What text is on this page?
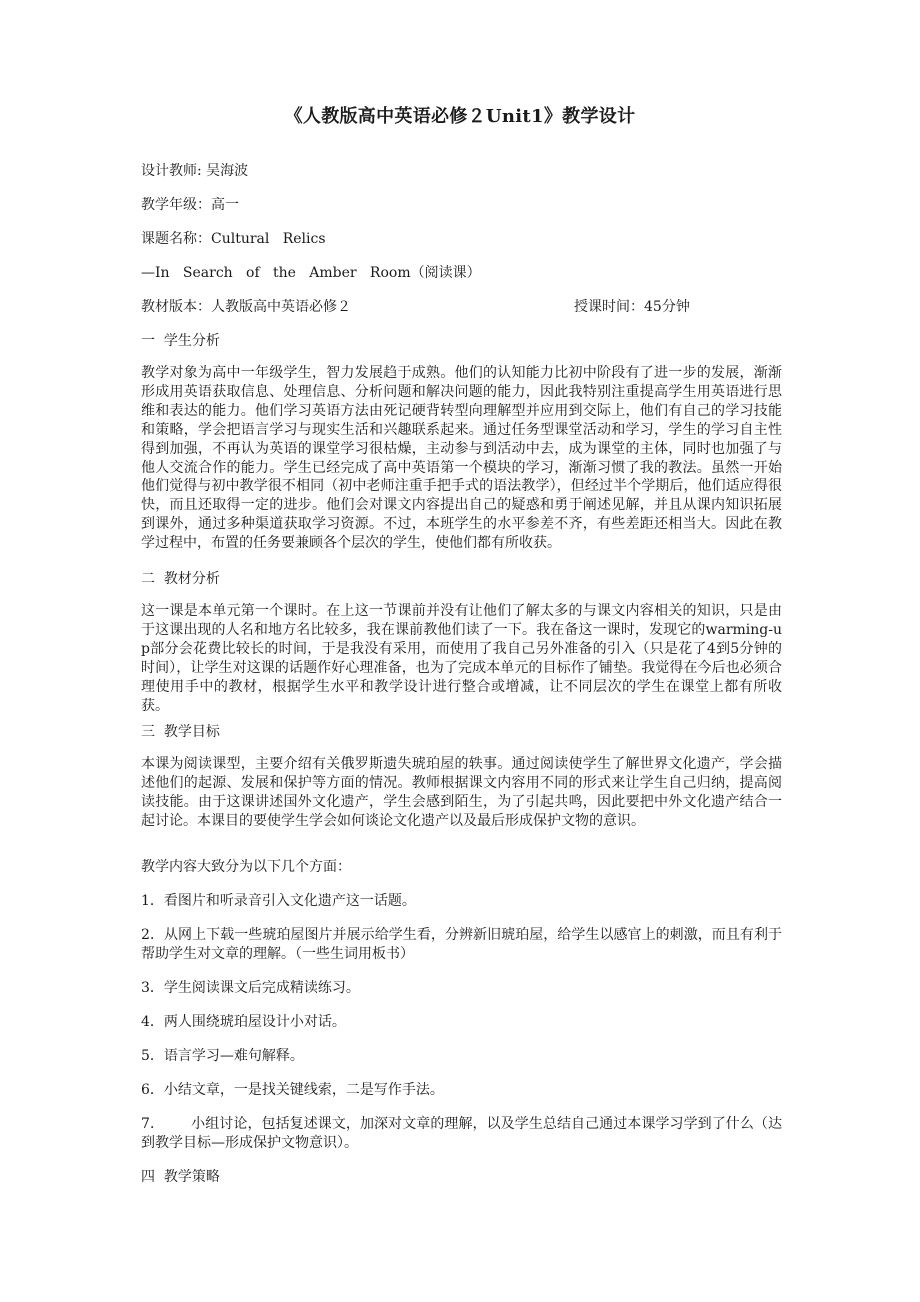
《人教版高中英语必修２Unit1》教学设计
设计教师: 吴海波
教学年级：高一
课题名称：Cultural   Relics
—In   Search   of   the   Amber   Room（阅读课）
教材版本：人教版高中英语必修２	授课时间：45分钟
一  学生分析
教学对象为高中一年级学生，智力发展趋于成熟。他们的认知能力比初中阶段有了进一步的发展，渐渐形成用英语获取信息、处理信息、分析问题和解决问题的能力，因此我特别注重提高学生用英语进行思维和表达的能力。他们学习英语方法由死记硬背转型向理解型并应用到交际上，他们有自己的学习技能和策略，学会把语言学习与现实生活和兴趣联系起来。通过任务型课堂活动和学习，学生的学习自主性得到加强，不再认为英语的课堂学习很枯燥，主动参与到活动中去，成为课堂的主体，同时也加强了与他人交流合作的能力。学生已经完成了高中英语第一个模块的学习，渐渐习惯了我的教法。虽然一开始他们觉得与初中教学很不相同（初中老师注重手把手式的语法教学），但经过半个学期后，他们适应得很快，而且还取得一定的进步。他们会对课文内容提出自己的疑惑和勇于阐述见解，并且从课内知识拓展到课外，通过多种渠道获取学习资源。不过，本班学生的水平参差不齐，有些差距还相当大。因此在教学过程中，布置的任务要兼顾各个层次的学生，使他们都有所收获。
二  教材分析
这一课是本单元第一个课时。在上这一节课前并没有让他们了解太多的与课文内容相关的知识，只是由于这课出现的人名和地方名比较多，我在课前教他们读了一下。我在备这一课时，发现它的warming-up部分会花费比较长的时间，于是我没有采用，而使用了我自己另外准备的引入（只是花了4到5分钟的时间），让学生对这课的话题作好心理准备，也为了完成本单元的目标作了铺垫。我觉得在今后也必须合理使用手中的教材，根据学生水平和教学设计进行整合或增减，让不同层次的学生在课堂上都有所收获。
三  教学目标
本课为阅读课型，主要介绍有关俄罗斯遗失琥珀屋的轶事。通过阅读使学生了解世界文化遗产，学会描述他们的起源、发展和保护等方面的情况。教师根据课文内容用不同的形式来让学生自己归纳，提高阅读技能。由于这课讲述国外文化遗产，学生会感到陌生，为了引起共鸣，因此要把中外文化遗产结合一起讨论。本课目的要使学生学会如何谈论文化遗产以及最后形成保护文物的意识。
教学内容大致分为以下几个方面：
1．看图片和听录音引入文化遗产这一话题。
2．从网上下载一些琥珀屋图片并展示给学生看，分辨新旧琥珀屋，给学生以感官上的刺激，而且有利于帮助学生对文章的理解。（一些生词用板书）
3．学生阅读课文后完成精读练习。
4．两人围绕琥珀屋设计小对话。
5．语言学习—难句解释。
6．小结文章，一是找关键线索，二是写作手法。
7．      小组讨论，包括复述课文，加深对文章的理解，以及学生总结自己通过本课学习学到了什么（达到教学目标—形成保护文物意识）。
四  教学策略
